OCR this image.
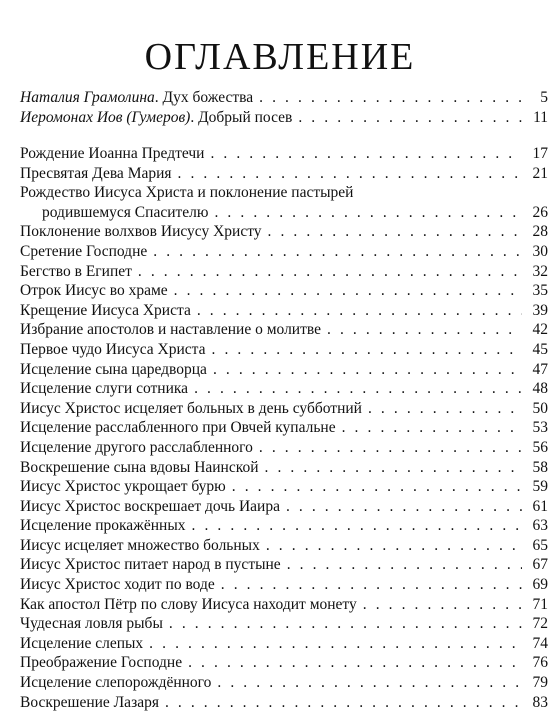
ОГЛАВЛЕНИЕ
Наталия Грамолина. Дух божества . . .	5
Иеромонах Иов (Гумеров). Добрый посев . . .	11
Рождение Иоанна Предтечи . . .	17
Пресвятая Дева Мария . . .	21
Рождество Иисуса Христа и поклонение пастырей
родившемуся Спасителю . . .	26
Поклонение волхвов Иисусу Христу . . .	28
Сретение Господне . . .	30
Бегство в Египет . . .	32
Отрок Иисус во храме . . .	35
Крещение Иисуса Христа . . .	39
Избрание апостолов и наставление о молитве . . .	42
Первое чудо Иисуса Христа . . .	45
Исцеление сына царедворца . . .	47
Исцеление слуги сотника . . .	48
Иисус Христос исцеляет больных в день субботний . . .	50
Исцеление расслабленного при Овчей купальне . . .	53
Исцеление другого расслабленного . . .	56
Воскрешение сына вдовы Наинской . . .	58
Иисус Христос укрощает бурю . . .	59
Иисус Христос воскрешает дочь Иаира . . .	61
Исцеление прокажённых . . .	63
Иисус исцеляет множество больных . . .	65
Иисус Христос питает народ в пустыне . . .	67
Иисус Христос ходит по воде . . .	69
Как апостол Пётр по слову Иисуса находит монету . . .	71
Чудесная ловля рыбы . . .	72
Исцеление слепых . . .	74
Преображение Господне . . .	76
Исцеление слепорождённого . . .	79
Воскрешение Лазаря . . .	83
